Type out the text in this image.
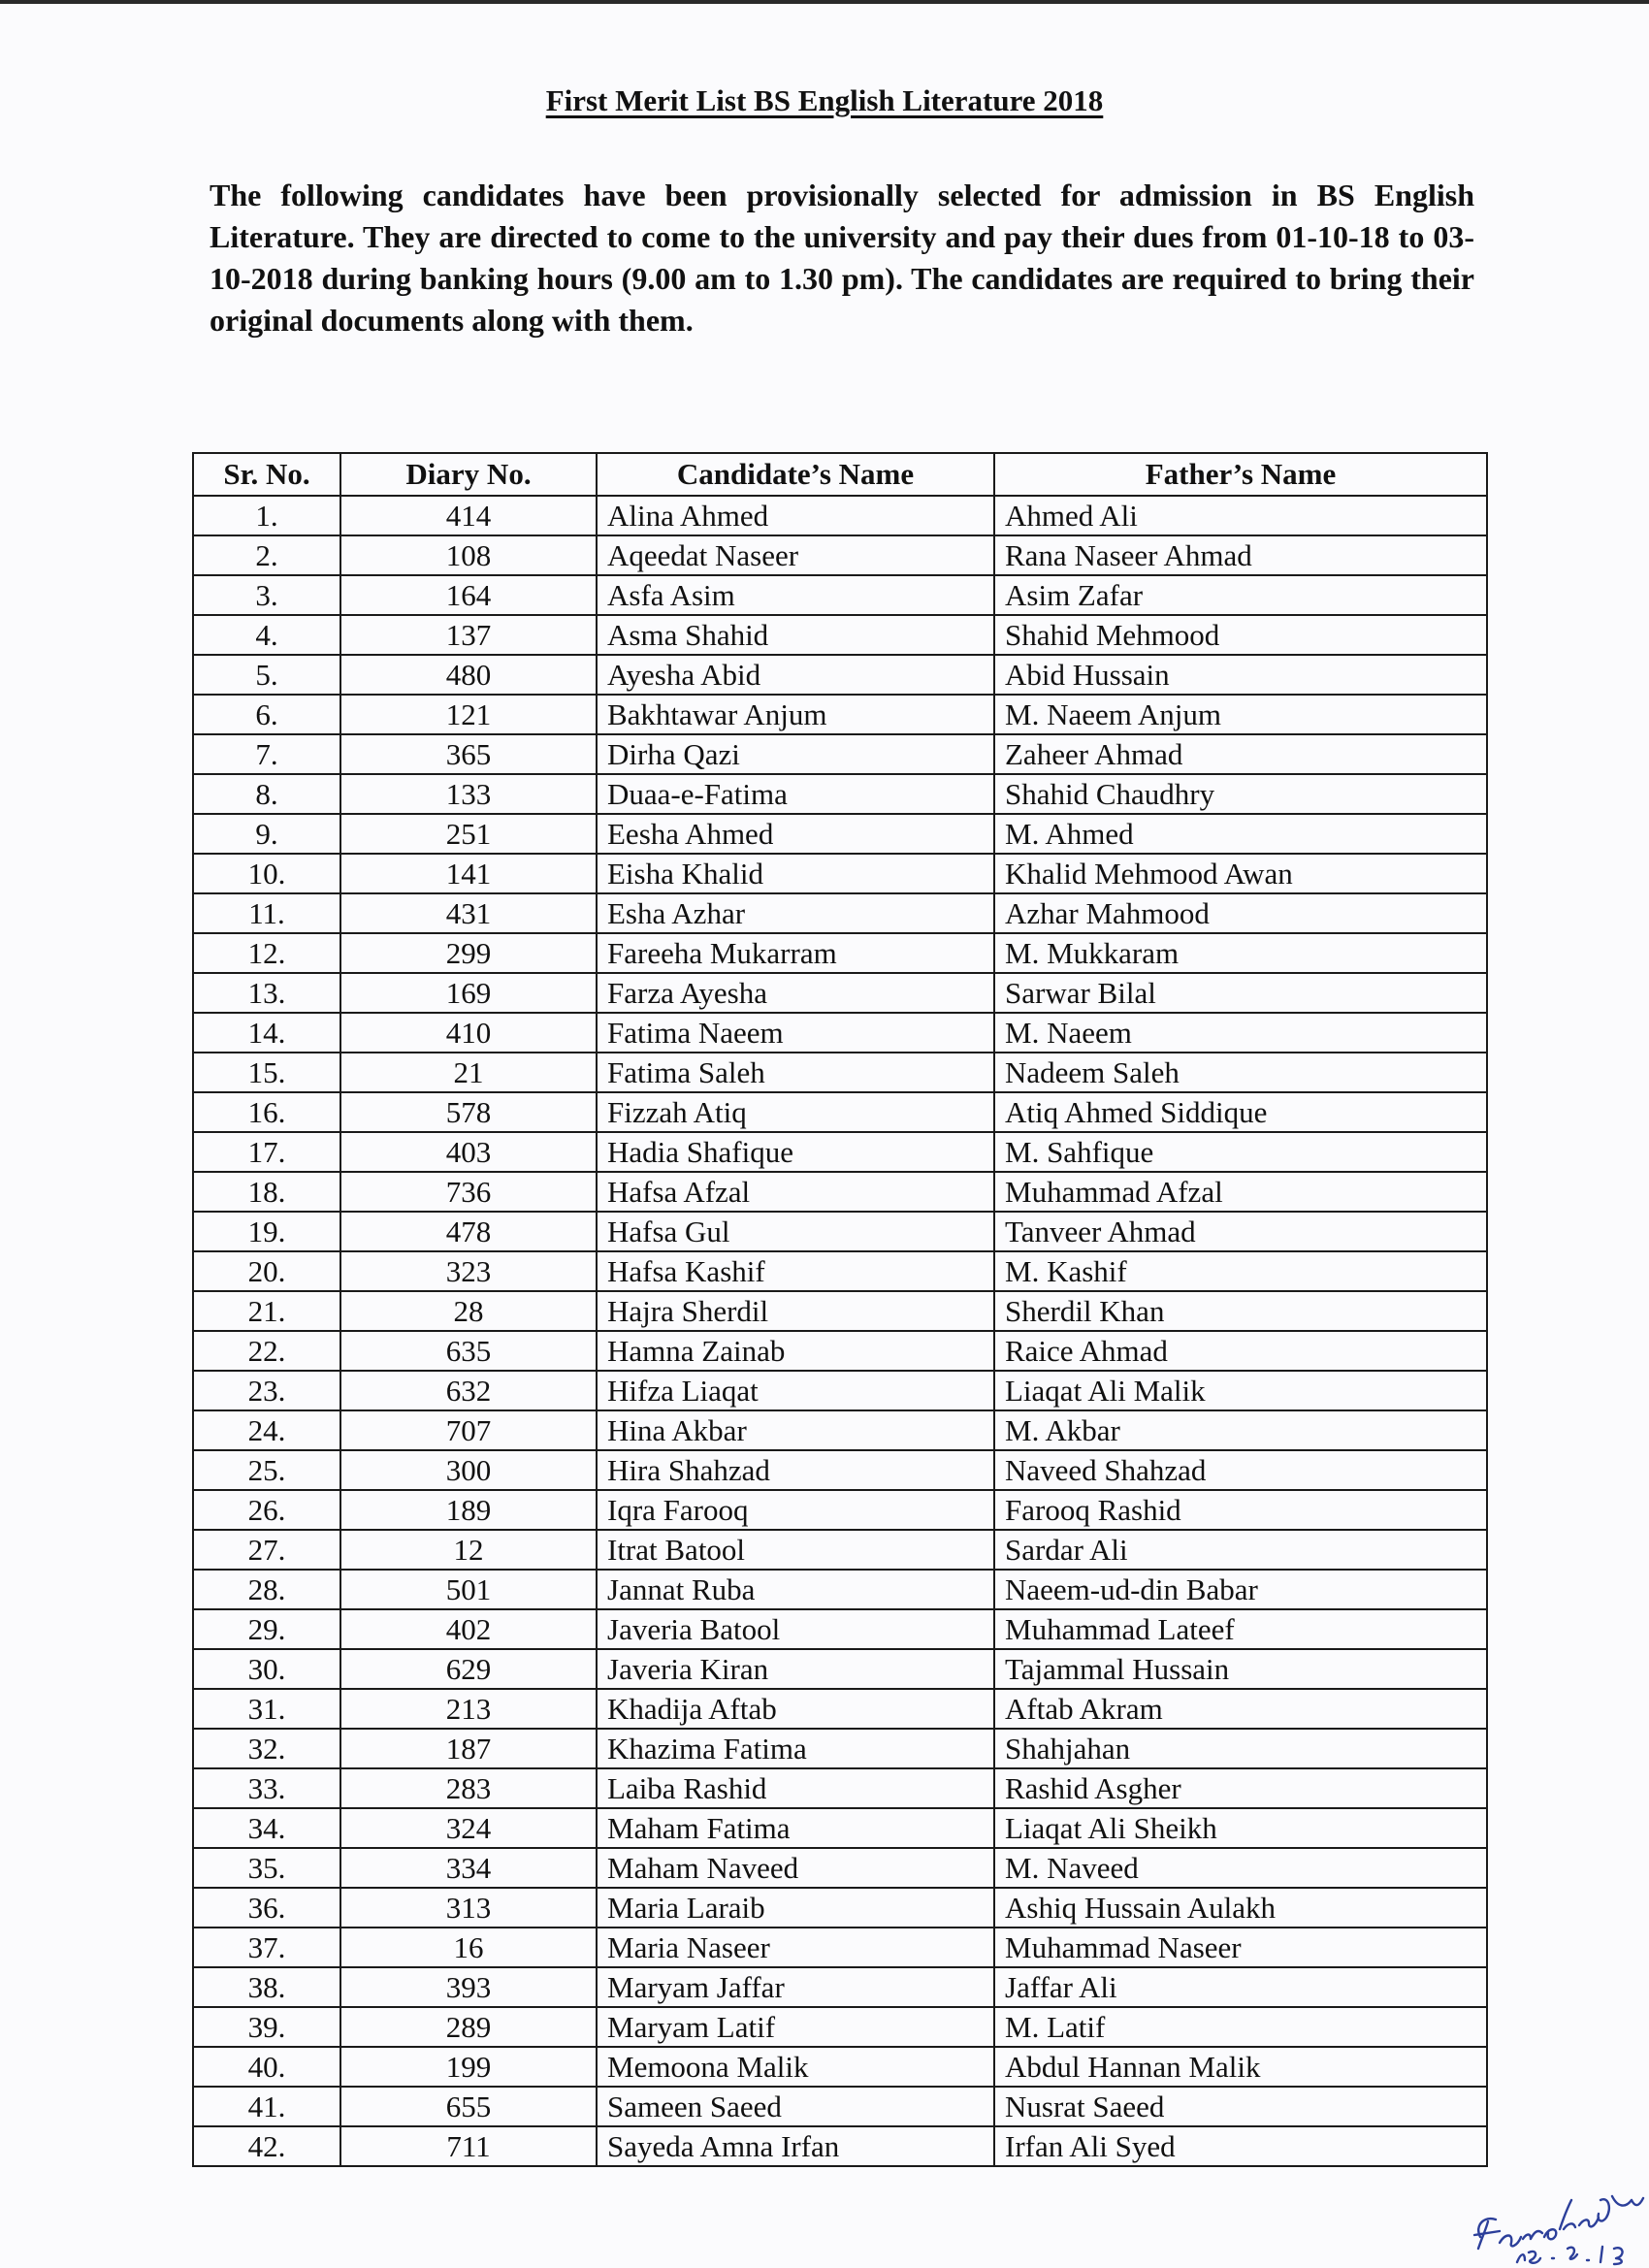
First Merit List BS English Literature 2018
The following candidates have been provisionally selected for admission in BS English Literature. They are directed to come to the university and pay their dues from 01-10-18 to 03-10-2018 during banking hours (9.00 am to 1.30 pm). The candidates are required to bring their original documents along with them.
Sr. No.	Diary No.	Candidate’s Name	Father’s Name
1.	414	Alina Ahmed	Ahmed Ali
2.	108	Aqeedat Naseer	Rana Naseer Ahmad
3.	164	Asfa Asim	Asim Zafar
4.	137	Asma Shahid	Shahid Mehmood
5.	480	Ayesha Abid	Abid Hussain
6.	121	Bakhtawar Anjum	M. Naeem Anjum
7.	365	Dirha Qazi	Zaheer Ahmad
8.	133	Duaa-e-Fatima	Shahid Chaudhry
9.	251	Eesha Ahmed	M. Ahmed
10.	141	Eisha Khalid	Khalid Mehmood Awan
11.	431	Esha Azhar	Azhar Mahmood
12.	299	Fareeha Mukarram	M. Mukkaram
13.	169	Farza Ayesha	Sarwar Bilal
14.	410	Fatima Naeem	M. Naeem
15.	21	Fatima Saleh	Nadeem Saleh
16.	578	Fizzah Atiq	Atiq Ahmed Siddique
17.	403	Hadia Shafique	M. Sahfique
18.	736	Hafsa Afzal	Muhammad Afzal
19.	478	Hafsa Gul	Tanveer Ahmad
20.	323	Hafsa Kashif	M. Kashif
21.	28	Hajra Sherdil	Sherdil Khan
22.	635	Hamna Zainab	Raice Ahmad
23.	632	Hifza Liaqat	Liaqat Ali Malik
24.	707	Hina Akbar	M. Akbar
25.	300	Hira Shahzad	Naveed Shahzad
26.	189	Iqra Farooq	Farooq Rashid
27.	12	Itrat Batool	Sardar Ali
28.	501	Jannat Ruba	Naeem-ud-din Babar
29.	402	Javeria Batool	Muhammad Lateef
30.	629	Javeria Kiran	Tajammal Hussain
31.	213	Khadija Aftab	Aftab Akram
32.	187	Khazima Fatima	Shahjahan
33.	283	Laiba Rashid	Rashid Asgher
34.	324	Maham Fatima	Liaqat Ali Sheikh
35.	334	Maham Naveed	M. Naveed
36.	313	Maria Laraib	Ashiq Hussain Aulakh
37.	16	Maria Naseer	Muhammad Naseer
38.	393	Maryam Jaffar	Jaffar Ali
39.	289	Maryam Latif	M. Latif
40.	199	Memoona Malik	Abdul Hannan Malik
41.	655	Sameen Saeed	Nusrat Saeed
42.	711	Sayeda Amna Irfan	Irfan Ali Syed
